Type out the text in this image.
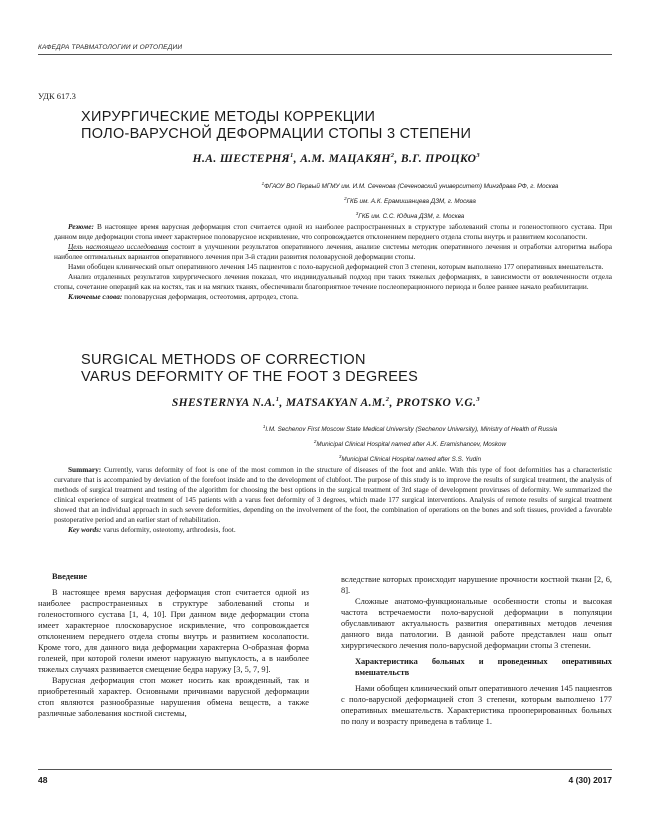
КАФЕДРА ТРАВМАТОЛОГИИ И ОРТОПЕДИИ
УДК 617.3
ХИРУРГИЧЕСКИЕ МЕТОДЫ КОРРЕКЦИИ
ПОЛО-ВАРУСНОЙ ДЕФОРМАЦИИ СТОПЫ 3 СТЕПЕНИ
Н.А. ШЕСТЕРНЯ$^1$, А.М. МАЦАКЯН$^2$, В.Г. ПРОЦКО$^3$
$^1$ФГАОУ ВО Первый МГМУ им. И.М. Сеченова (Сеченовский университет) Минздрава РФ, г. Москва
$^2$ГКБ им. А.К. Ерамишанцева ДЗМ, г. Москва
$^3$ГКБ им. С.С. Юдина ДЗМ, г. Москва

Резюме: В настоящее время варусная деформация стоп считается одной из наиболее распространенных в структуре заболеваний стопы и голеностопного сустава. При данном виде деформации стопа имеет характерное половарусное искривление, что сопровождается отклонением переднего отдела стопы внутрь и развитием косолапости.

Цель настоящего исследования состоит в улучшении результатов оперативного лечения, анализе системы методик оперативного лечения и отработки алгоритма выбора наиболее оптимальных вариантов оперативного лечения при 3-й стадии развития половарусной деформации стопы.

Нами обобщен клинический опыт оперативного лечения 145 пациентов с полo-варусной деформацией стоп 3 степени, которым выполнено 177 оперативных вмешательств.

Анализ отдаленных результатов хирургического лечения показал, что индивидуальный подход при таких тяжелых деформациях, в зависимости от вовлеченности отдела стопы, сочетание операций как на костях, так и на мягких тканях, обеспечивали благоприятное течение послеоперационного периода и более раннее начало реабилитации.

Ключевые слова: половарусная деформация, остеотомия, артродез, стопа.

SURGICAL METHODS OF CORRECTION
VARUS DEFORMITY OF THE FOOT 3 DEGREES
SHESTERNYA N.A.$^1$, MATSAKYAN A.M.$^2$, PROTSKO V.G.$^3$
$^1$I.M. Sechenov First Moscow State Medical University (Sechenov University), Ministry of Health of Russia
$^2$Municipal Clinical Hospital named after A.K. Eramishancev, Moskow
$^3$Municipal Clinical Hospital named after S.S. Yudin

Summary: Currently, varus deformity of foot is one of the most common in the structure of diseases of the foot and ankle. With this type of foot deformities has a characteristic curvature that is accompanied by deviation of the forefoot inside and to the development of clubfoot. The purpose of this study is to improve the results of surgical treatment, the analysis of methods of surgical treatment and testing of the algorithm for choosing the best options in the surgical treatment of 3rd stage of development proviruses of deformity. We summarized the clinical experience of surgical treatment of 145 patients with a varus feet deformity of 3 degrees, which made 177 surgical interventions. Analysis of remote results of surgical treatment showed that an individual approach in such severe deformities, depending on the involvement of the foot, the combination of operations on the bones and soft tissues, provided a favorable postoperative period and an earlier start of rehabilitation.

Key words: varus deformity, osteotomy, arthrodesis, foot.

Введение

В настоящее время варусная деформация стоп считается одной из наиболее распространенных в структуре заболеваний стопы и голеностопного сустава [1, 4, 10]. При данном виде деформации стопа имеет характерное плосковарусное искривление, что сопровождается отклонением переднего отдела стопы внутрь и развитием косолапости. Кроме того, для данного вида деформации характерна О-образная форма голеней, при которой голени имеют наружную выпуклость, а в наиболее тяжелых случаях развивается смещение бедра наружу [3, 5, 7, 9].

Варусная деформация стоп может носить как врожденный, так и приобретенный характер. Основными причинами варусной деформации стоп являются разнообразные нарушения обмена веществ, а также различные заболевания костной системы,

вследствие которых происходит нарушение прочности костной ткани [2, 6, 8].

Сложные анатомо-функциональные особенности стопы и высокая частота встречаемости поло-варусной деформации в популяции обуславливают актуальность развития оперативных методов лечения данного вида патологии. В данной работе представлен наш опыт хирургического лечения поло-варусной деформации стопы 3 степени.

Характеристика больных и проведенных оперативных вмешательств

Нами обобщен клинический опыт оперативного лечения 145 пациентов с поло-варусной деформацией стоп 3 степени, которым выполнено 177 оперативных вмешательств. Характеристика прооперированных больных по полу и возрасту приведена в таблице 1.

48	4 (30) 2017
